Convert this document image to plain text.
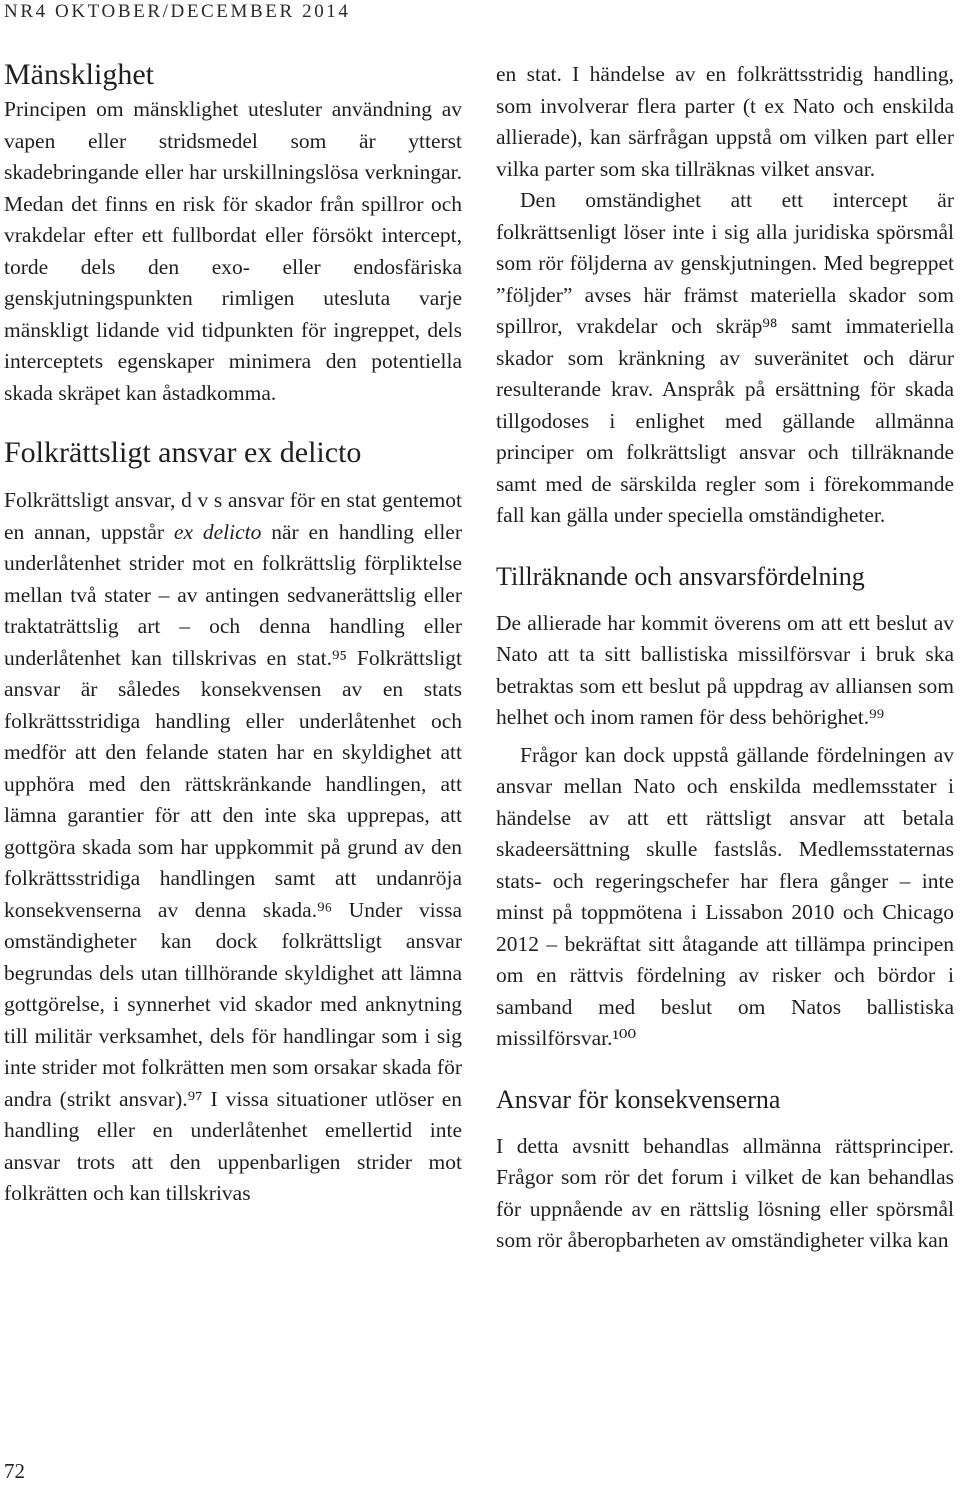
NR4 OKTOBER/DECEMBER 2014
Mänsklighet

Principen om mänsklighet utesluter användning av vapen eller stridsmedel som är ytterst skadebringande eller har urskillningslösa verkningar. Medan det finns en risk för skador från spillror och vrakdelar efter ett fullbordat eller försökt intercept, torde dels den exo- eller endosfäriska genskjutningspunkten rimligen utesluta varje mänskligt lidande vid tidpunkten för ingreppet, dels interceptets egenskaper minimera den potentiella skada skräpet kan åstadkomma.

Folkrättsligt ansvar ex delicto

Folkrättsligt ansvar, d v s ansvar för en stat gentemot en annan, uppstår ex delicto när en handling eller underlåtenhet strider mot en folkrättslig förpliktelse mellan två stater – av antingen sedvanerättslig eller traktaträttslig art – och denna handling eller underlåtenhet kan tillskrivas en stat.⁹⁵ Folkrättsligt ansvar är således konsekvensen av en stats folkrättsstridiga handling eller underlåtenhet och medför att den felande staten har en skyldighet att upphöra med den rättskränkande handlingen, att lämna garantier för att den inte ska upprepas, att gottgöra skada som har uppkommit på grund av den folkrättsstridiga handlingen samt att undanröja konsekvenserna av denna skada.⁹⁶ Under vissa omständigheter kan dock folkrättsligt ansvar begrundas dels utan tillhörande skyldighet att lämna gottgörelse, i synnerhet vid skador med anknytning till militär verksamhet, dels för handlingar som i sig inte strider mot folkrätten men som orsakar skada för andra (strikt ansvar).⁹⁷ I vissa situationer utlöser en handling eller en underlåtenhet emellertid inte ansvar trots att den uppenbarligen strider mot folkrätten och kan tillskrivas

en stat. I händelse av en folkrättsstridig handling, som involverar flera parter (t ex Nato och enskilda allierade), kan särfrågan uppstå om vilken part eller vilka parter som ska tillräknas vilket ansvar.

Den omständighet att ett intercept är folkrättsenligt löser inte i sig alla juridiska spörsmål som rör följderna av genskjutningen. Med begreppet ”följder” avses här främst materiella skador som spillror, vrakdelar och skräp⁹⁸ samt immateriella skador som kränkning av suveränitet och därur resulterande krav. Anspråk på ersättning för skada tillgodoses i enlighet med gällande allmänna principer om folkrättsligt ansvar och tillräknande samt med de särskilda regler som i förekommande fall kan gälla under speciella omständigheter.

Tillräknande och ansvarsfördelning

De allierade har kommit överens om att ett beslut av Nato att ta sitt ballistiska missilförsvar i bruk ska betraktas som ett beslut på uppdrag av alliansen som helhet och inom ramen för dess behörighet.⁹⁹

Frågor kan dock uppstå gällande fördelningen av ansvar mellan Nato och enskilda medlemsstater i händelse av att ett rättsligt ansvar att betala skadeersättning skulle fastslås. Medlemsstaternas stats- och regeringschefer har flera gånger – inte minst på toppmötena i Lissabon 2010 och Chicago 2012 – bekräftat sitt åtagande att tillämpa principen om en rättvis fördelning av risker och bördor i samband med beslut om Natos ballistiska missilförsvar.¹⁰⁰

Ansvar för konsekvenserna

I detta avsnitt behandlas allmänna rättsprinciper. Frågor som rör det forum i vilket de kan behandlas för uppnående av en rättslig lösning eller spörsmål som rör åberopbarheten av omständigheter vilka kan

72
